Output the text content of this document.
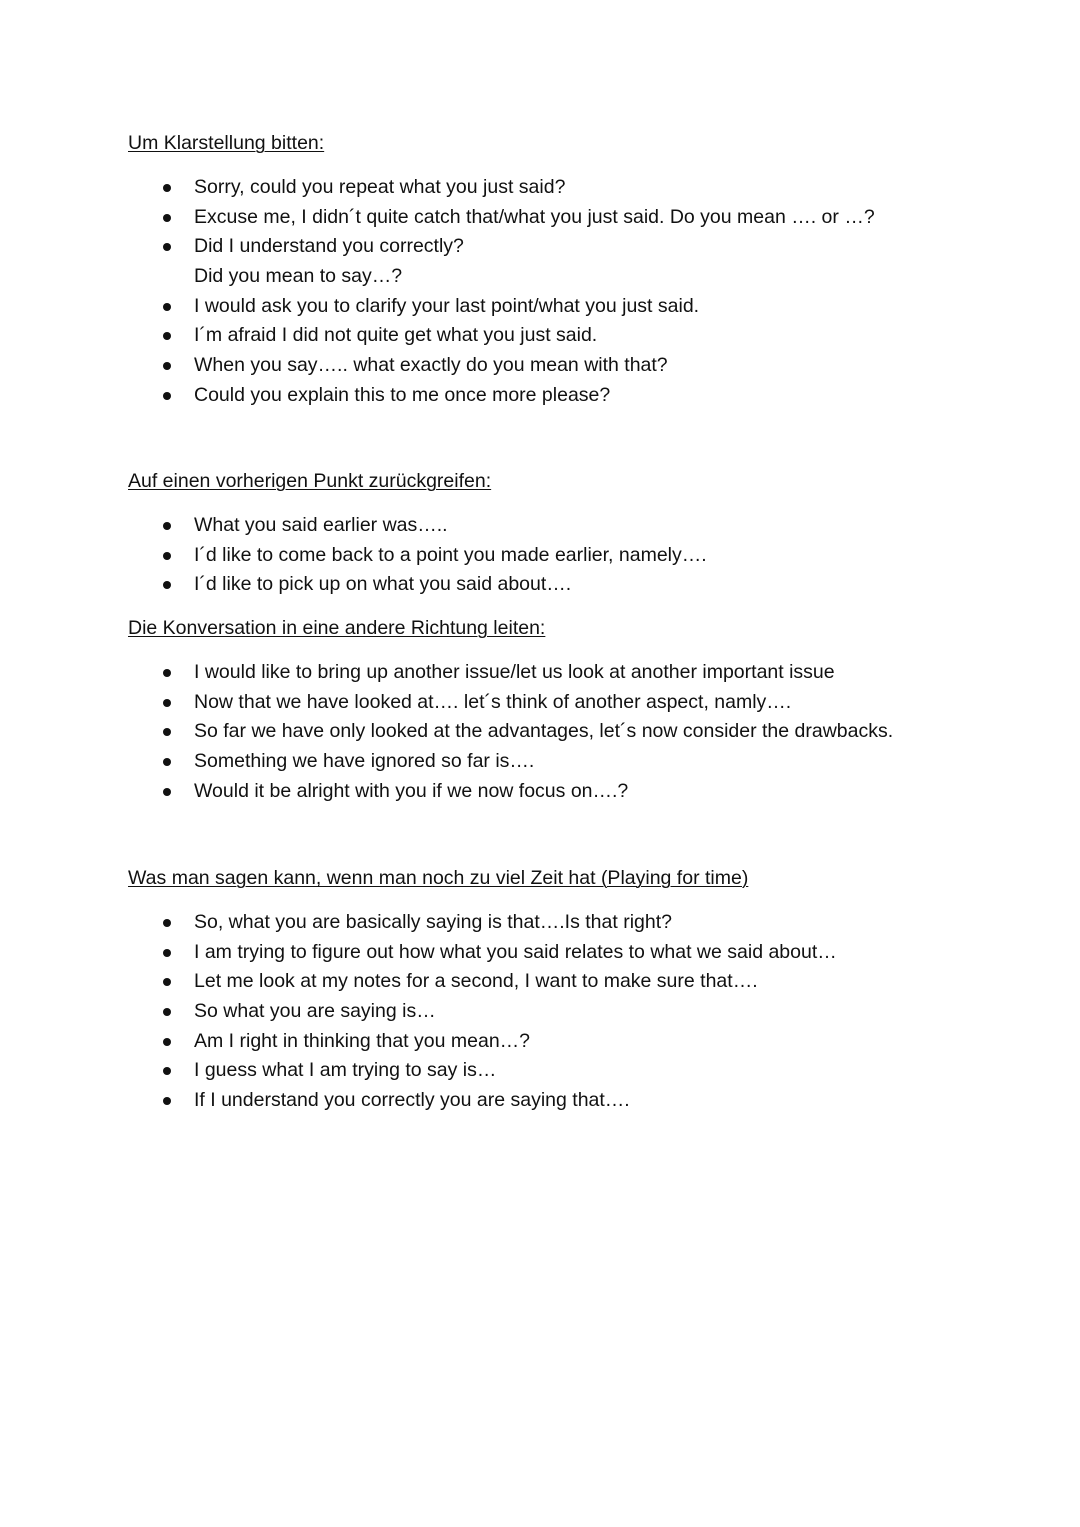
Um Klarstellung bitten:
Sorry, could you repeat what you just said?
Excuse me, I didn´t quite catch that/what you just said. Do you mean …. or …?
Did I understand you correctly?
Did you mean to say…?
I would ask you to clarify your last point/what you just said.
I´m afraid I did not quite get what you just said.
When you say….. what exactly do you mean with that?
Could you explain this to me once more please?
Auf einen vorherigen Punkt zurückgreifen:
What you said earlier was…..
I´d like to come back to a point you made earlier, namely….
I´d like to pick up on what you said about….
Die Konversation in eine andere Richtung leiten:
I would like to bring up another issue/let us look at another important issue
Now that we have looked at…. let´s think of another aspect, namly….
So far we have only looked at the advantages, let´s now consider the drawbacks.
Something we have ignored so far is….
Would it be alright with you if we now focus on….?
Was man sagen kann, wenn man noch zu viel Zeit hat (Playing for time)
So, what you are basically saying is that….Is that right?
I am trying to figure out how what you said relates to what we said about…
Let me look at my notes for a second, I want to make sure that….
So what you are saying is…
Am I right in thinking that you mean…?
I guess what I am trying to say is…
If I understand you correctly you are saying that….
